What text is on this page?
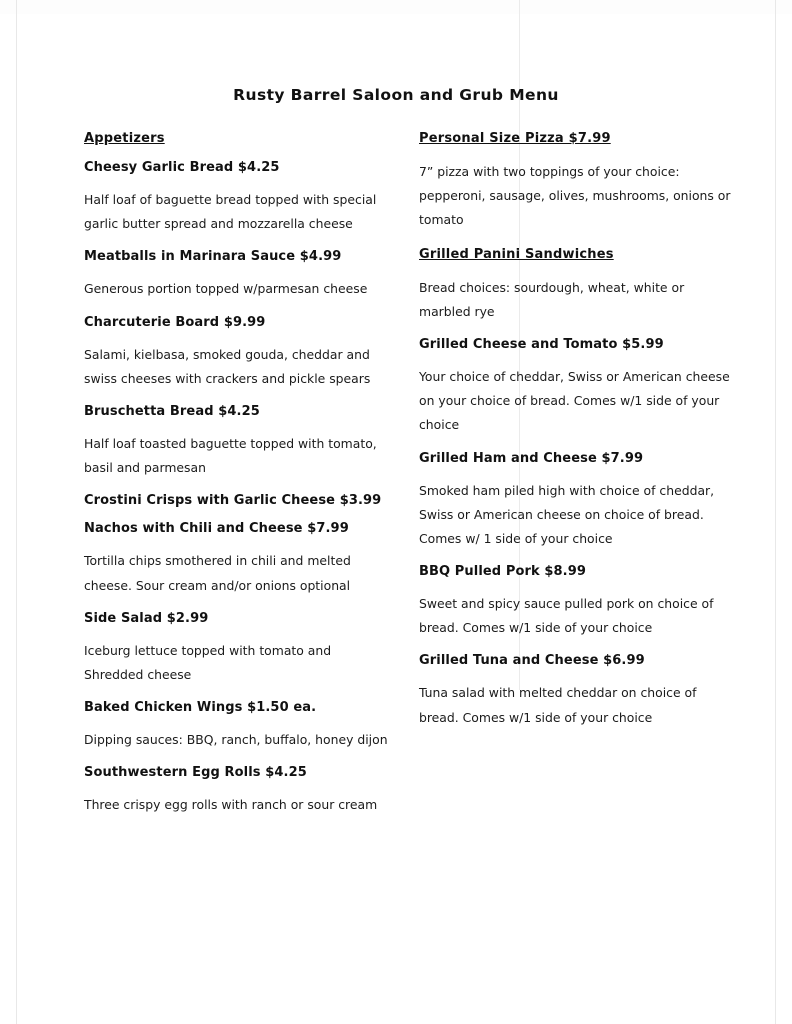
Rusty Barrel Saloon and Grub Menu
Appetizers
Cheesy Garlic Bread $4.25
Half loaf of baguette bread topped with special garlic butter spread and mozzarella cheese
Meatballs in Marinara Sauce $4.99
Generous portion topped w/parmesan cheese
Charcuterie Board $9.99
Salami, kielbasa, smoked gouda, cheddar and swiss cheeses with crackers and pickle spears
Bruschetta Bread $4.25
Half loaf toasted baguette topped with tomato, basil and parmesan
Crostini Crisps with Garlic Cheese $3.99
Nachos with Chili and Cheese $7.99
Tortilla chips smothered in chili and melted cheese. Sour cream and/or onions optional
Side Salad $2.99
Iceburg lettuce topped with tomato and Shredded cheese
Baked Chicken Wings $1.50 ea.
Dipping sauces: BBQ, ranch, buffalo, honey dijon
Southwestern Egg Rolls $4.25
Three crispy egg rolls with ranch or sour cream
Personal Size Pizza $7.99
7” pizza with two toppings of your choice: pepperoni, sausage, olives, mushrooms, onions or tomato
Grilled Panini Sandwiches
Bread choices: sourdough, wheat, white or marbled rye
Grilled Cheese and Tomato $5.99
Your choice of cheddar, Swiss or American cheese on your choice of bread. Comes w/1 side of your choice
Grilled Ham and Cheese $7.99
Smoked ham piled high with choice of cheddar, Swiss or American cheese on choice of bread. Comes w/ 1 side of your choice
BBQ Pulled Pork $8.99
Sweet and spicy sauce pulled pork on choice of bread. Comes w/1 side of your choice
Grilled Tuna and Cheese $6.99
Tuna salad with melted cheddar on choice of bread. Comes w/1 side of your choice
